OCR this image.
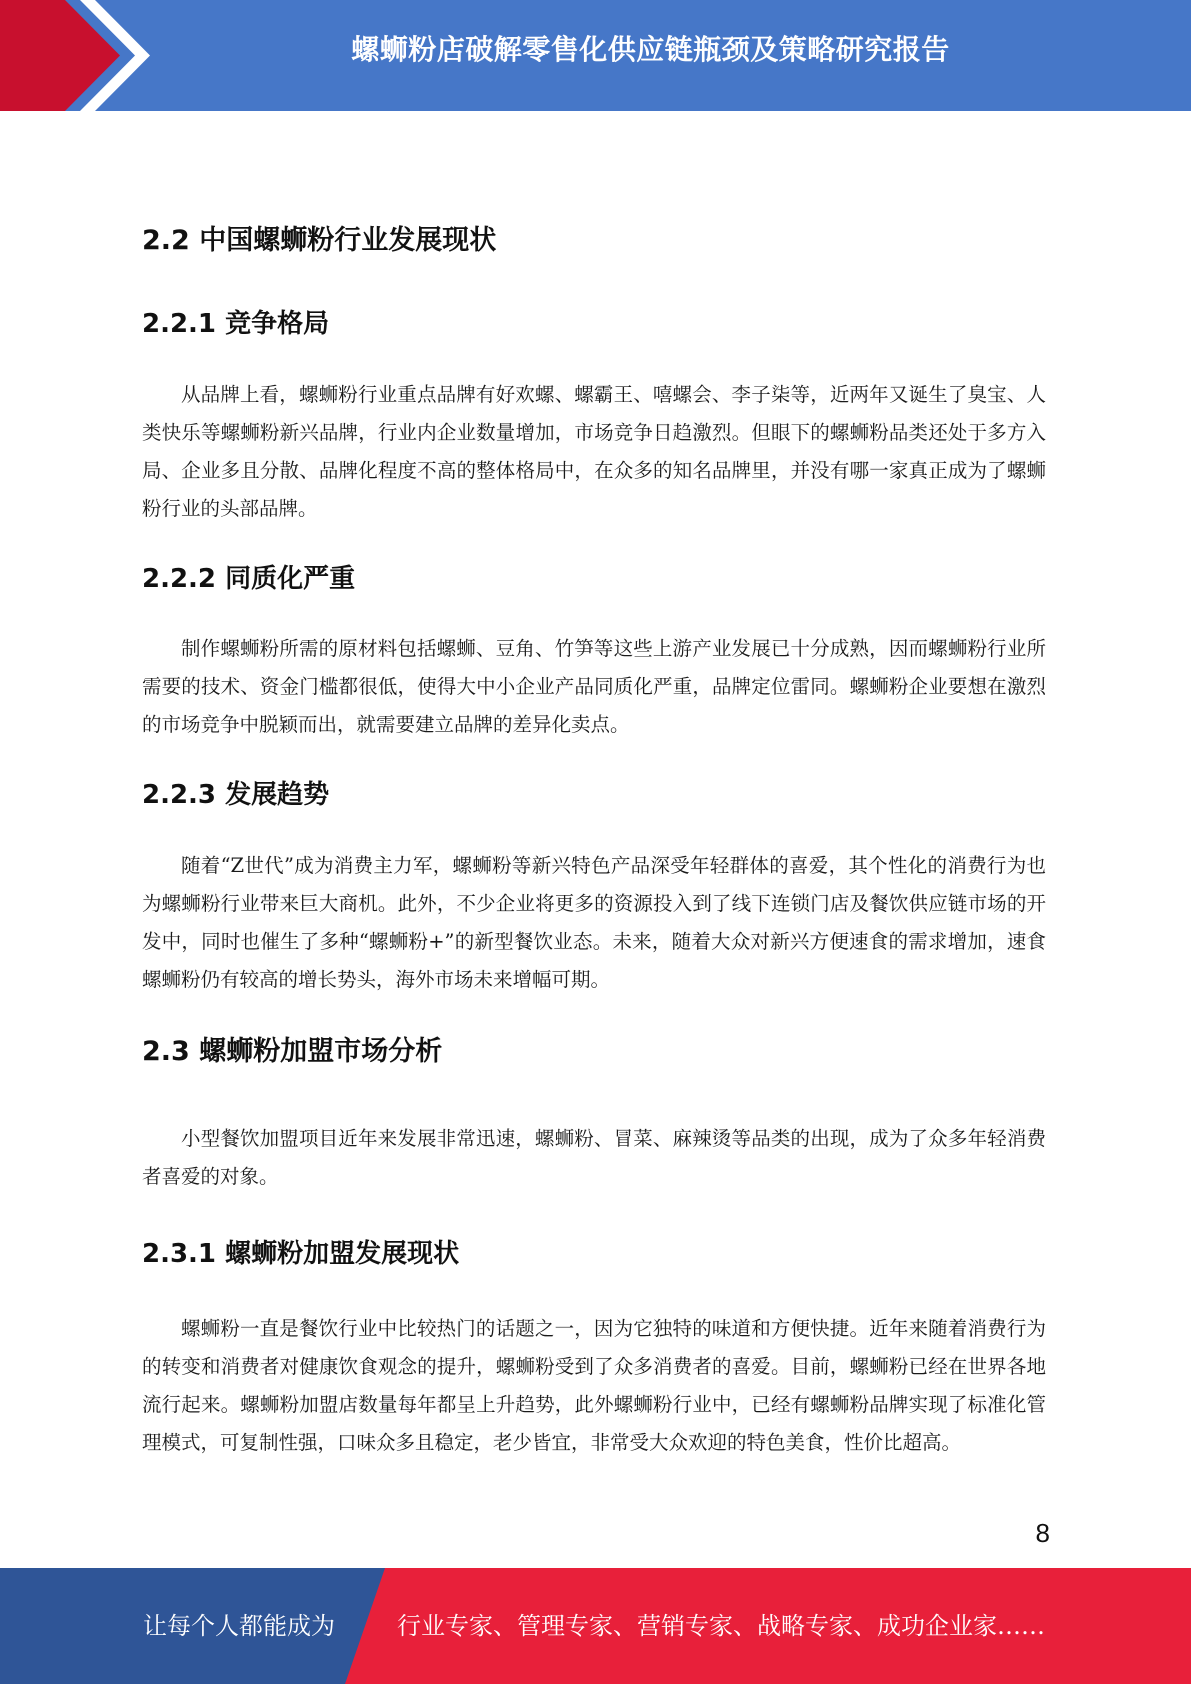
螺蛳粉店破解零售化供应链瓶颈及策略研究报告
2.2 中国螺蛳粉行业发展现状
2.2.1 竞争格局

从品牌上看，螺蛳粉行业重点品牌有好欢螺、螺霸王、嘻螺会、李子柒等，近两年又诞生了臭宝、人类快乐等螺蛳粉新兴品牌，行业内企业数量增加，市场竞争日趋激烈。但眼下的螺蛳粉品类还处于多方入局、企业多且分散、品牌化程度不高的整体格局中，在众多的知名品牌里，并没有哪一家真正成为了螺蛳粉行业的头部品牌。

2.2.2 同质化严重

制作螺蛳粉所需的原材料包括螺蛳、豆角、竹笋等这些上游产业发展已十分成熟，因而螺蛳粉行业所需要的技术、资金门槛都很低，使得大中小企业产品同质化严重，品牌定位雷同。螺蛳粉企业要想在激烈的市场竞争中脱颖而出，就需要建立品牌的差异化卖点。

2.2.3 发展趋势

随着“Z世代”成为消费主力军，螺蛳粉等新兴特色产品深受年轻群体的喜爱，其个性化的消费行为也为螺蛳粉行业带来巨大商机。此外，不少企业将更多的资源投入到了线下连锁门店及餐饮供应链市场的开发中，同时也催生了多种“螺蛳粉+”的新型餐饮业态。未来，随着大众对新兴方便速食的需求增加，速食螺蛳粉仍有较高的增长势头，海外市场未来增幅可期。

2.3 螺蛳粉加盟市场分析

小型餐饮加盟项目近年来发展非常迅速，螺蛳粉、冒菜、麻辣烫等品类的出现，成为了众多年轻消费者喜爱的对象。

2.3.1 螺蛳粉加盟发展现状

螺蛳粉一直是餐饮行业中比较热门的话题之一，因为它独特的味道和方便快捷。近年来随着消费行为的转变和消费者对健康饮食观念的提升，螺蛳粉受到了众多消费者的喜爱。目前，螺蛳粉已经在世界各地流行起来。螺蛳粉加盟店数量每年都呈上升趋势，此外螺蛳粉行业中，已经有螺蛳粉品牌实现了标准化管理模式，可复制性强，口味众多且稳定，老少皆宜，非常受大众欢迎的特色美食，性价比超高。

8
让每个人都能成为	行业专家、管理专家、营销专家、战略专家、成功企业家……
